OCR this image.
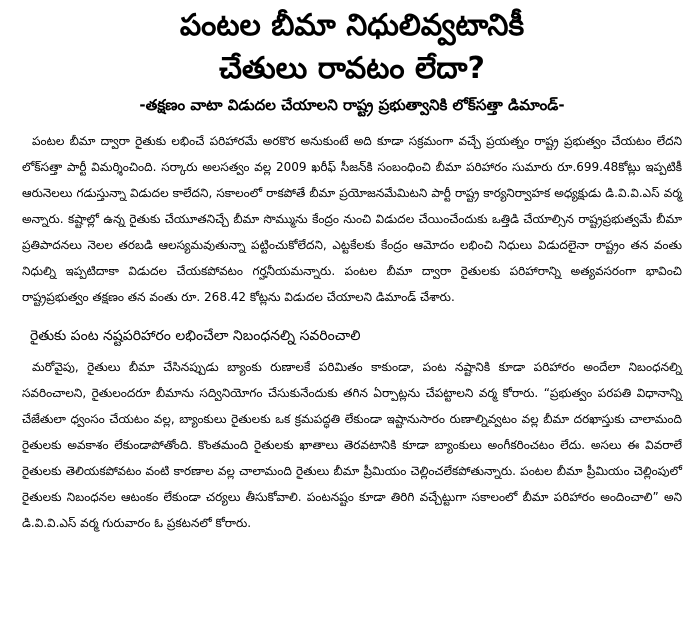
పంటల బీమా నిధులివ్వటానికీ
చేతులు రావటం లేదా?
-తక్షణం వాటా విడుదల చేయాలని రాష్ట్ర ప్రభుత్వానికి లోక్‌సత్తా డిమాండ్-

పంటల బీమా ద్వారా రైతుకు లభించే పరిహారమే అరకొర అనుకుంటే అది కూడా సక్రమంగా వచ్చే ప్రయత్నం రాష్ట్ర ప్రభుత్వం చేయటం లేదని లోక్‌సత్తా పార్టీ విమర్శించింది. సర్కారు అలసత్వం వల్ల 2009 ఖరీఫ్ సీజన్‌కి సంబంధించి బీమా పరిహారం సుమారు రూ.699.48కోట్లు ఇప్పటికీ ఆరునెలలు గడుస్తున్నా విడుదల కాలేదని, సకాలంలో రాకపోతే బీమా ప్రయోజనమేమిటని పార్టీ రాష్ట్ర కార్యనిర్వాహక అధ్యక్షుడు డి.వి.వి.ఎస్ వర్మ అన్నారు. కష్టాల్లో ఉన్న రైతుకు చేయూతనిచ్చే బీమా సొమ్మును కేంద్రం నుంచి విడుదల చేయించేందుకు ఒత్తిడి చేయాల్సిన రాష్ట్రప్రభుత్వమే బీమా ప్రతిపాదనలు నెలల తరబడి ఆలస్యమవుతున్నా పట్టించుకోలేదని, ఎట్టకేలకు కేంద్రం ఆమోదం లభించి నిధులు విడుదలైనా రాష్ట్రం తన వంతు నిధుల్ని ఇప్పటిదాకా విడుదల చేయకపోవటం గర్హనీయమన్నారు. పంటల బీమా ద్వారా రైతులకు పరిహారాన్ని అత్యవసరంగా భావించి రాష్ట్రప్రభుత్వం తక్షణం తన వంతు రూ. 268.42 కోట్లను విడుదల చేయాలని డిమాండ్ చేశారు.

రైతుకు పంట నష్టపరిహారం లభించేలా నిబంధనల్ని సవరించాలి

మరోవైపు, రైతులు బీమా చేసినప్పుడు బ్యాంకు రుణాలకే పరిమితం కాకుండా, పంట నష్టానికి కూడా పరిహారం అందేలా నిబంధనల్ని సవరించాలని, రైతులందరూ బీమాను సద్వినియోగం చేసుకునేందుకు తగిన ఏర్పాట్లను చేపట్టాలని వర్మ కోరారు. “ప్రభుత్వం పరపతి విధానాన్ని చేజేతులా ధ్వంసం చేయటం వల్ల, బ్యాంకులు రైతులకు ఒక క్రమపద్ధతి లేకుండా ఇష్టానుసారం రుణాల్నివ్వటం వల్ల బీమా దరఖాస్తుకు చాలామంది రైతులకు అవకాశం లేకుండాపోతోంది. కొంతమంది రైతులకు ఖాతాలు తెరవటానికి కూడా బ్యాంకులు అంగీకరించటం లేదు. అసలు ఈ వివరాలే రైతులకు తెలియకపోవటం వంటి కారణాల వల్ల చాలామంది రైతులు బీమా ప్రీమియం చెల్లించలేకపోతున్నారు. పంటల బీమా ప్రీమియం చెల్లింపులో రైతులకు నిబంధనల ఆటంకం లేకుండా చర్యలు తీసుకోవాలి. పంటనష్టం కూడా తిరిగి వచ్చేట్టుగా సకాలంలో బీమా పరిహారం అందించాలి” అని డి.వి.వి.ఎస్ వర్మ గురువారం ఓ ప్రకటనలో కోరారు.
